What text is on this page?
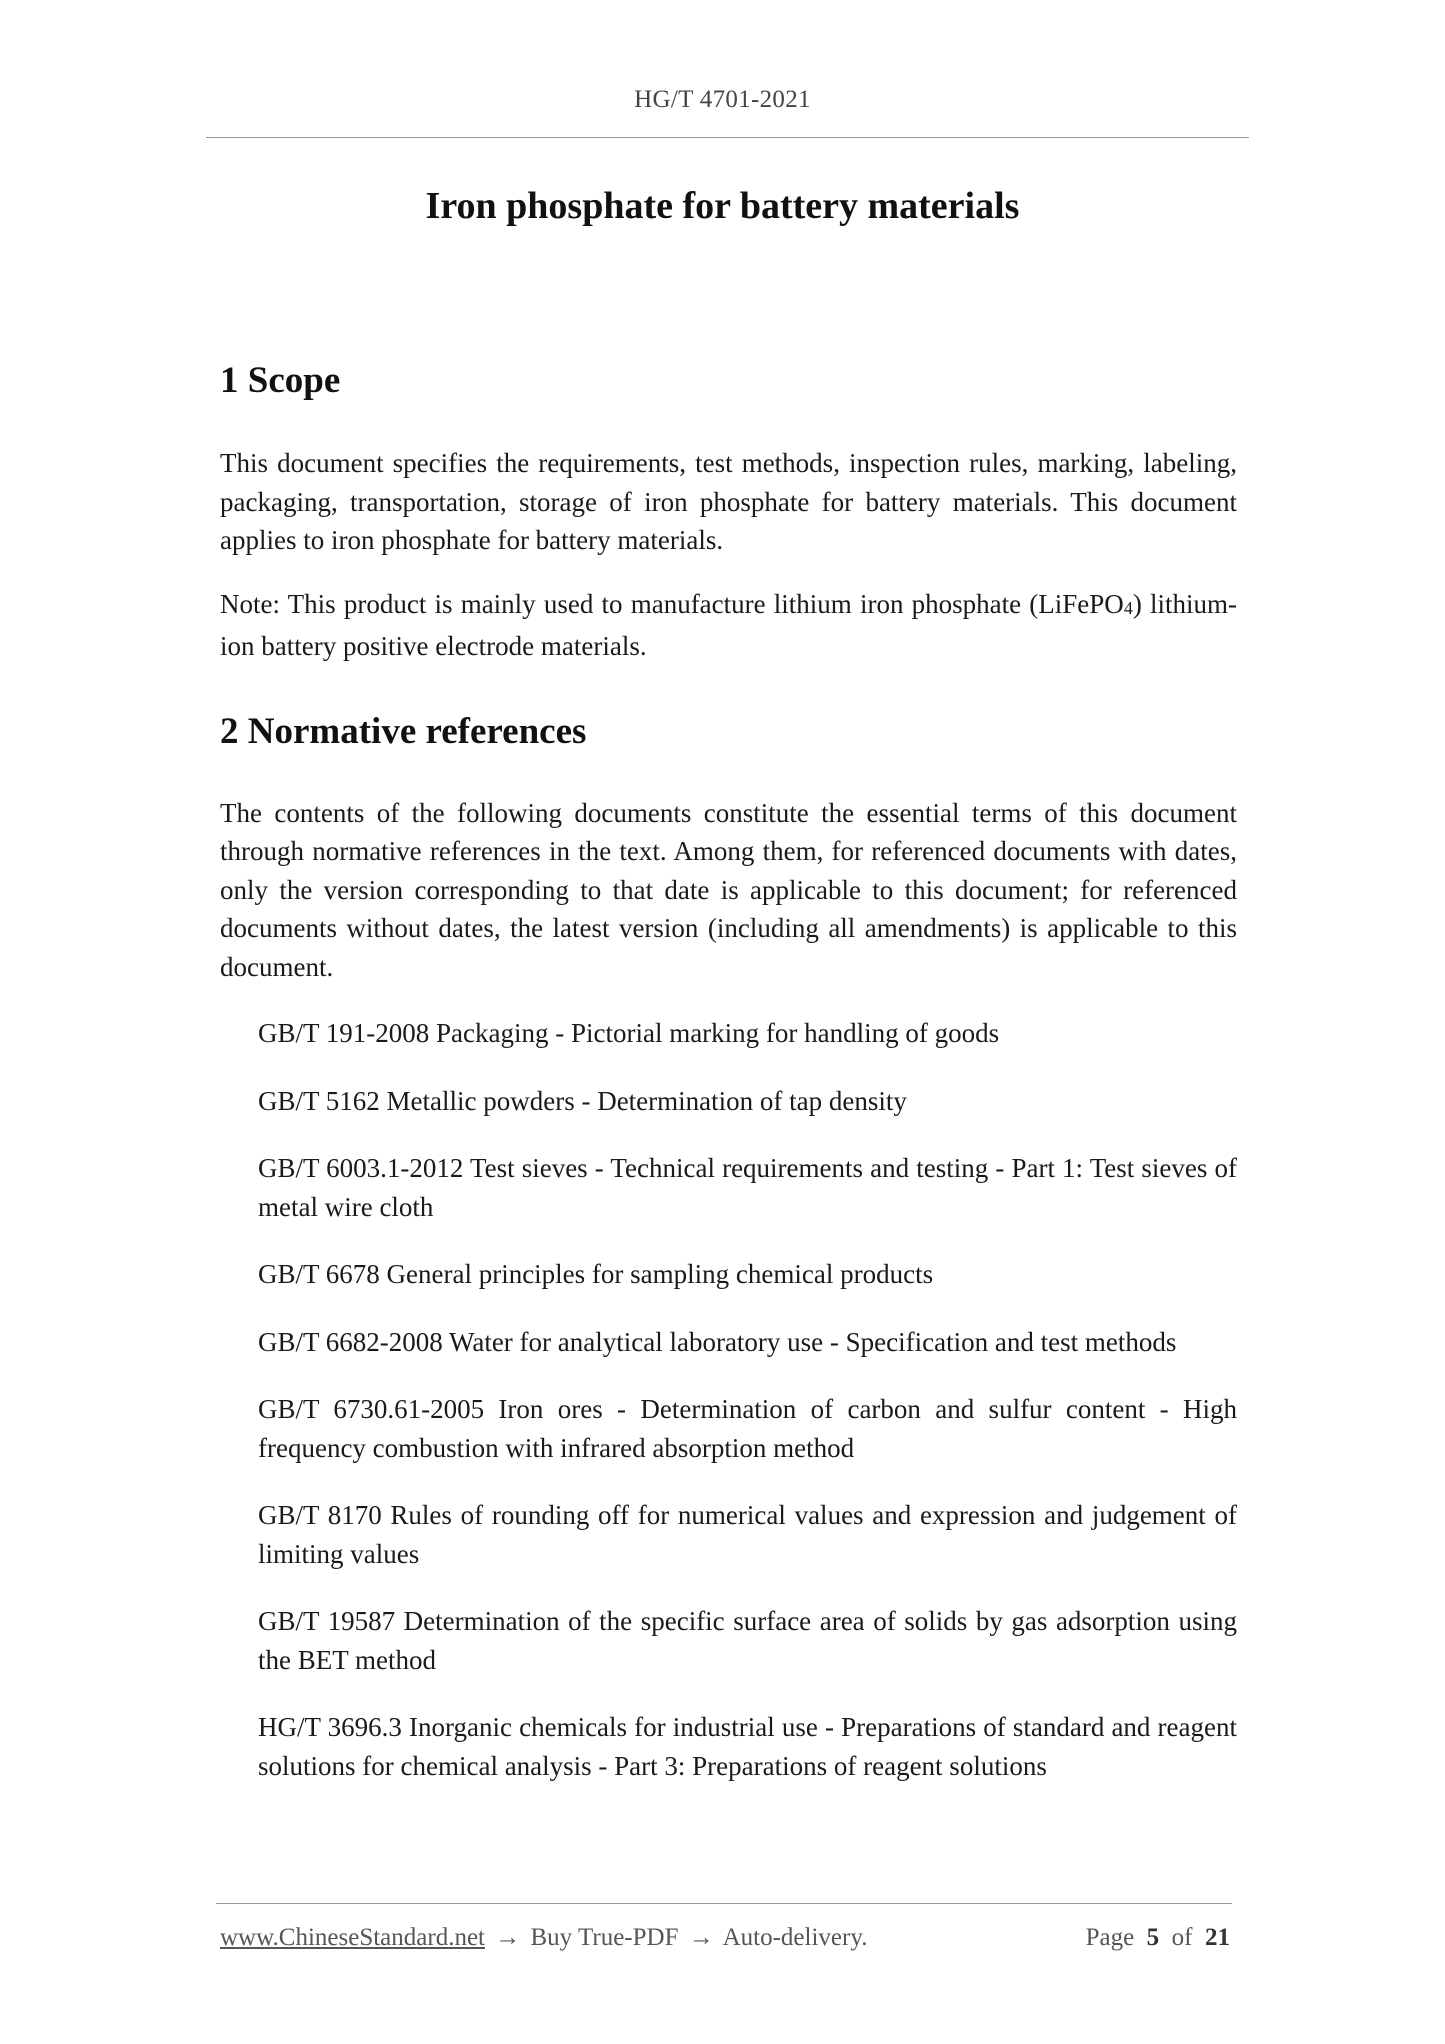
HG/T 4701-2021
Iron phosphate for battery materials
1 Scope

This document specifies the requirements, test methods, inspection rules, marking, labeling, packaging, transportation, storage of iron phosphate for battery materials. This document applies to iron phosphate for battery materials.

Note: This product is mainly used to manufacture lithium iron phosphate (LiFePO$_4$) lithium-ion battery positive electrode materials.

2 Normative references

The contents of the following documents constitute the essential terms of this document through normative references in the text. Among them, for referenced documents with dates, only the version corresponding to that date is applicable to this document; for referenced documents without dates, the latest version (including all amendments) is applicable to this document.

GB/T 191-2008 Packaging - Pictorial marking for handling of goods
GB/T 5162 Metallic powders - Determination of tap density
GB/T 6003.1-2012 Test sieves - Technical requirements and testing - Part 1: Test sieves of metal wire cloth
GB/T 6678 General principles for sampling chemical products
GB/T 6682-2008 Water for analytical laboratory use - Specification and test methods
GB/T 6730.61-2005 Iron ores - Determination of carbon and sulfur content - High frequency combustion with infrared absorption method
GB/T 8170 Rules of rounding off for numerical values and expression and judgement of limiting values
GB/T 19587 Determination of the specific surface area of solids by gas adsorption using the BET method
HG/T 3696.3 Inorganic chemicals for industrial use - Preparations of standard and reagent solutions for chemical analysis - Part 3: Preparations of reagent solutions
www.ChineseStandard.net → Buy True-PDF → Auto-delivery.	Page 5 of 21
